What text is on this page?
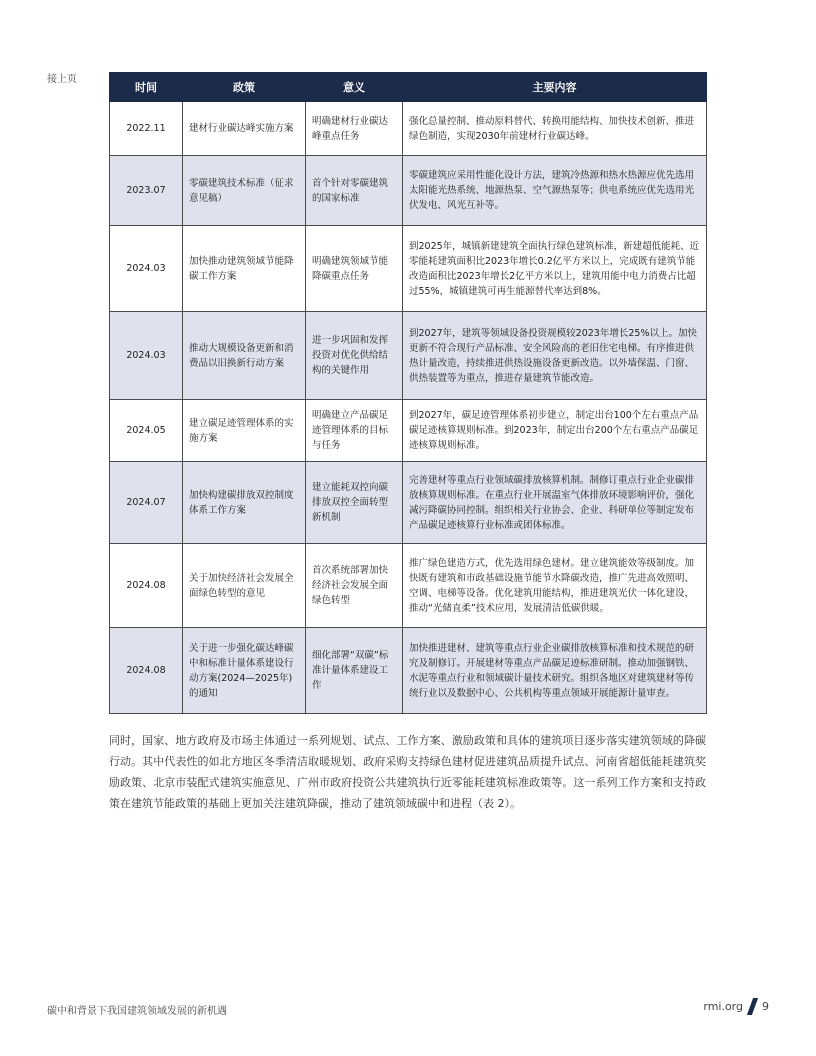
接上页
时间	政策	意义	主要内容
2022.11	建材行业碳达峰实施方案	明确建材行业碳达峰重点任务	强化总量控制、推动原料替代、转换用能结构、加快技术创新、推进绿色制造，实现2030年前建材行业碳达峰。
2023.07	零碳建筑技术标准（征求意见稿）	首个针对零碳建筑的国家标准	零碳建筑应采用性能化设计方法，建筑冷热源和热水热源应优先选用太阳能光热系统、地源热泵、空气源热泵等；供电系统应优先选用光伏发电、风光互补等。
2024.03	加快推动建筑领域节能降碳工作方案	明确建筑领域节能降碳重点任务	到2025年，城镇新建建筑全面执行绿色建筑标准，新建超低能耗、近零能耗建筑面积比2023年增长0.2亿平方米以上，完成既有建筑节能改造面积比2023年增长2亿平方米以上，建筑用能中电力消费占比超过55%，城镇建筑可再生能源替代率达到8%。
2024.03	推动大规模设备更新和消费品以旧换新行动方案	进一步巩固和发挥投资对优化供给结构的关键作用	到2027年，建筑等领域设备投资规模较2023年增长25%以上。加快更新不符合现行产品标准、安全风险高的老旧住宅电梯。有序推进供热计量改造，持续推进供热设施设备更新改造。以外墙保温、门窗、供热装置等为重点，推进存量建筑节能改造。
2024.05	建立碳足迹管理体系的实施方案	明确建立产品碳足迹管理体系的目标与任务	到2027年，碳足迹管理体系初步建立，制定出台100个左右重点产品碳足迹核算规则标准。到2023年，制定出台200个左右重点产品碳足迹核算规则标准。
2024.07	加快构建碳排放双控制度体系工作方案	建立能耗双控向碳排放双控全面转型新机制	完善建材等重点行业领域碳排放核算机制。制修订重点行业企业碳排放核算规则标准。在重点行业开展温室气体排放环境影响评价，强化减污降碳协同控制。组织相关行业协会、企业、科研单位等制定发布产品碳足迹核算行业标准或团体标准。
2024.08	关于加快经济社会发展全面绿色转型的意见	首次系统部署加快经济社会发展全面绿色转型	推广绿色建造方式，优先选用绿色建材。建立建筑能效等级制度。加快既有建筑和市政基础设施节能节水降碳改造，推广先进高效照明、空调、电梯等设备。优化建筑用能结构，推进建筑光伏一体化建设，推动“光储直柔”技术应用，发展清洁低碳供暖。
2024.08	关于进一步强化碳达峰碳中和标准计量体系建设行动方案(2024—2025年)的通知	细化部署“双碳”标准计量体系建设工作	加快推进建材、建筑等重点行业企业碳排放核算标准和技术规范的研究及制修订。开展建材等重点产品碳足迹标准研制。推动加强钢铁、水泥等重点行业和领域碳计量技术研究。组织各地区对建筑建材等传统行业以及数据中心、公共机构等重点领域开展能源计量审查。

同时，国家、地方政府及市场主体通过一系列规划、试点、工作方案、激励政策和具体的建筑项目逐步落实建筑领域的降碳行动。其中代表性的如北方地区冬季清洁取暖规划、政府采购支持绿色建材促进建筑品质提升试点、河南省超低能耗建筑奖励政策、北京市装配式建筑实施意见、广州市政府投资公共建筑执行近零能耗建筑标准政策等。这一系列工作方案和支持政策在建筑节能政策的基础上更加关注建筑降碳，推动了建筑领域碳中和进程（表 2）。

碳中和背景下我国建筑领域发展的新机遇	rmi.org 9
